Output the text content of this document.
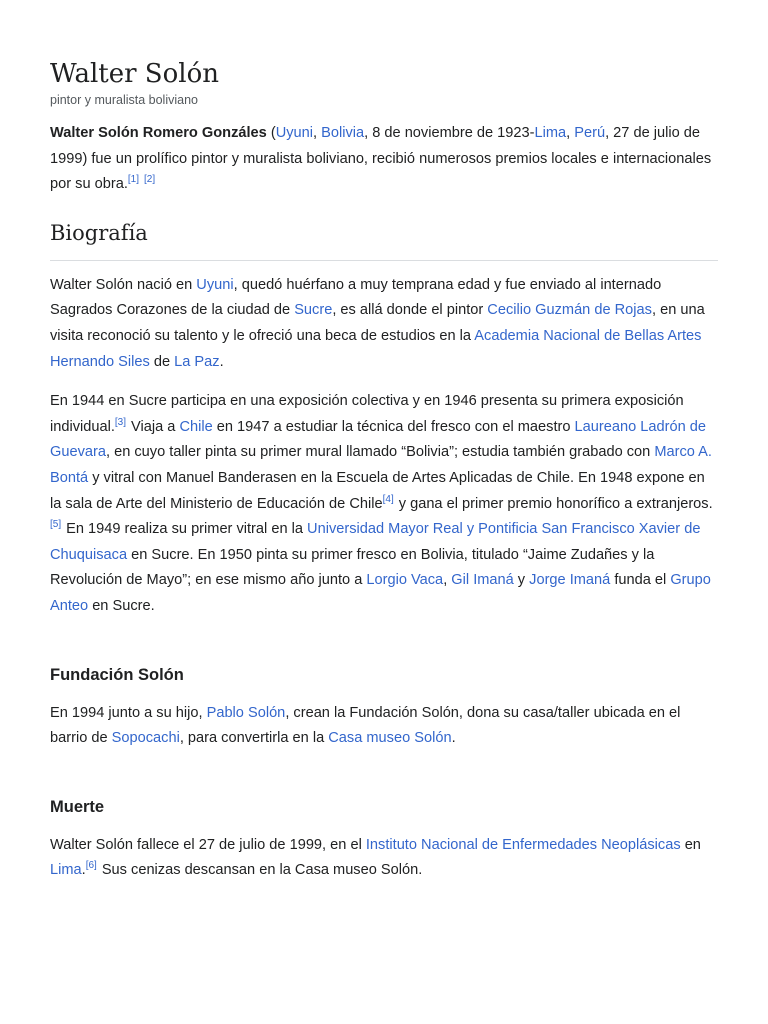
Walter Solón
pintor y muralista boliviano

Walter Solón Romero Gonzáles (Uyuni, Bolivia, 8 de noviembre de 1923-Lima, Perú, 27 de julio de 1999) fue un prolífico pintor y muralista boliviano, recibió numerosos premios locales e internacionales por su obra.[1] [2]

Biografía

Walter Solón nació en Uyuni, quedó huérfano a muy temprana edad y fue enviado al internado Sagrados Corazones de la ciudad de Sucre, es allá donde el pintor Cecilio Guzmán de Rojas, en una visita reconoció su talento y le ofreció una beca de estudios en la Academia Nacional de Bellas Artes Hernando Siles de La Paz.

En 1944 en Sucre participa en una exposición colectiva y en 1946 presenta su primera exposición individual.[3] Viaja a Chile en 1947 a estudiar la técnica del fresco con el maestro Laureano Ladrón de Guevara, en cuyo taller pinta su primer mural llamado “Bolivia”; estudia también grabado con Marco A. Bontá y vitral con Manuel Banderasen en la Escuela de Artes Aplicadas de Chile. En 1948 expone en la sala de Arte del Ministerio de Educación de Chile[4] y gana el primer premio honorífico a extranjeros.[5] En 1949 realiza su primer vitral en la Universidad Mayor Real y Pontificia San Francisco Xavier de Chuquisaca en Sucre. En 1950 pinta su primer fresco en Bolivia, titulado “Jaime Zudañes y la Revolución de Mayo”; en ese mismo año junto a Lorgio Vaca, Gil Imaná y Jorge Imaná funda el Grupo Anteo en Sucre.

Fundación Solón

En 1994 junto a su hijo, Pablo Solón, crean la Fundación Solón, dona su casa/taller ubicada en el barrio de Sopocachi, para convertirla en la Casa museo Solón.

Muerte

Walter Solón fallece el 27 de julio de 1999, en el Instituto Nacional de Enfermedades Neoplásicas en Lima.[6] Sus cenizas descansan en la Casa museo Solón.
